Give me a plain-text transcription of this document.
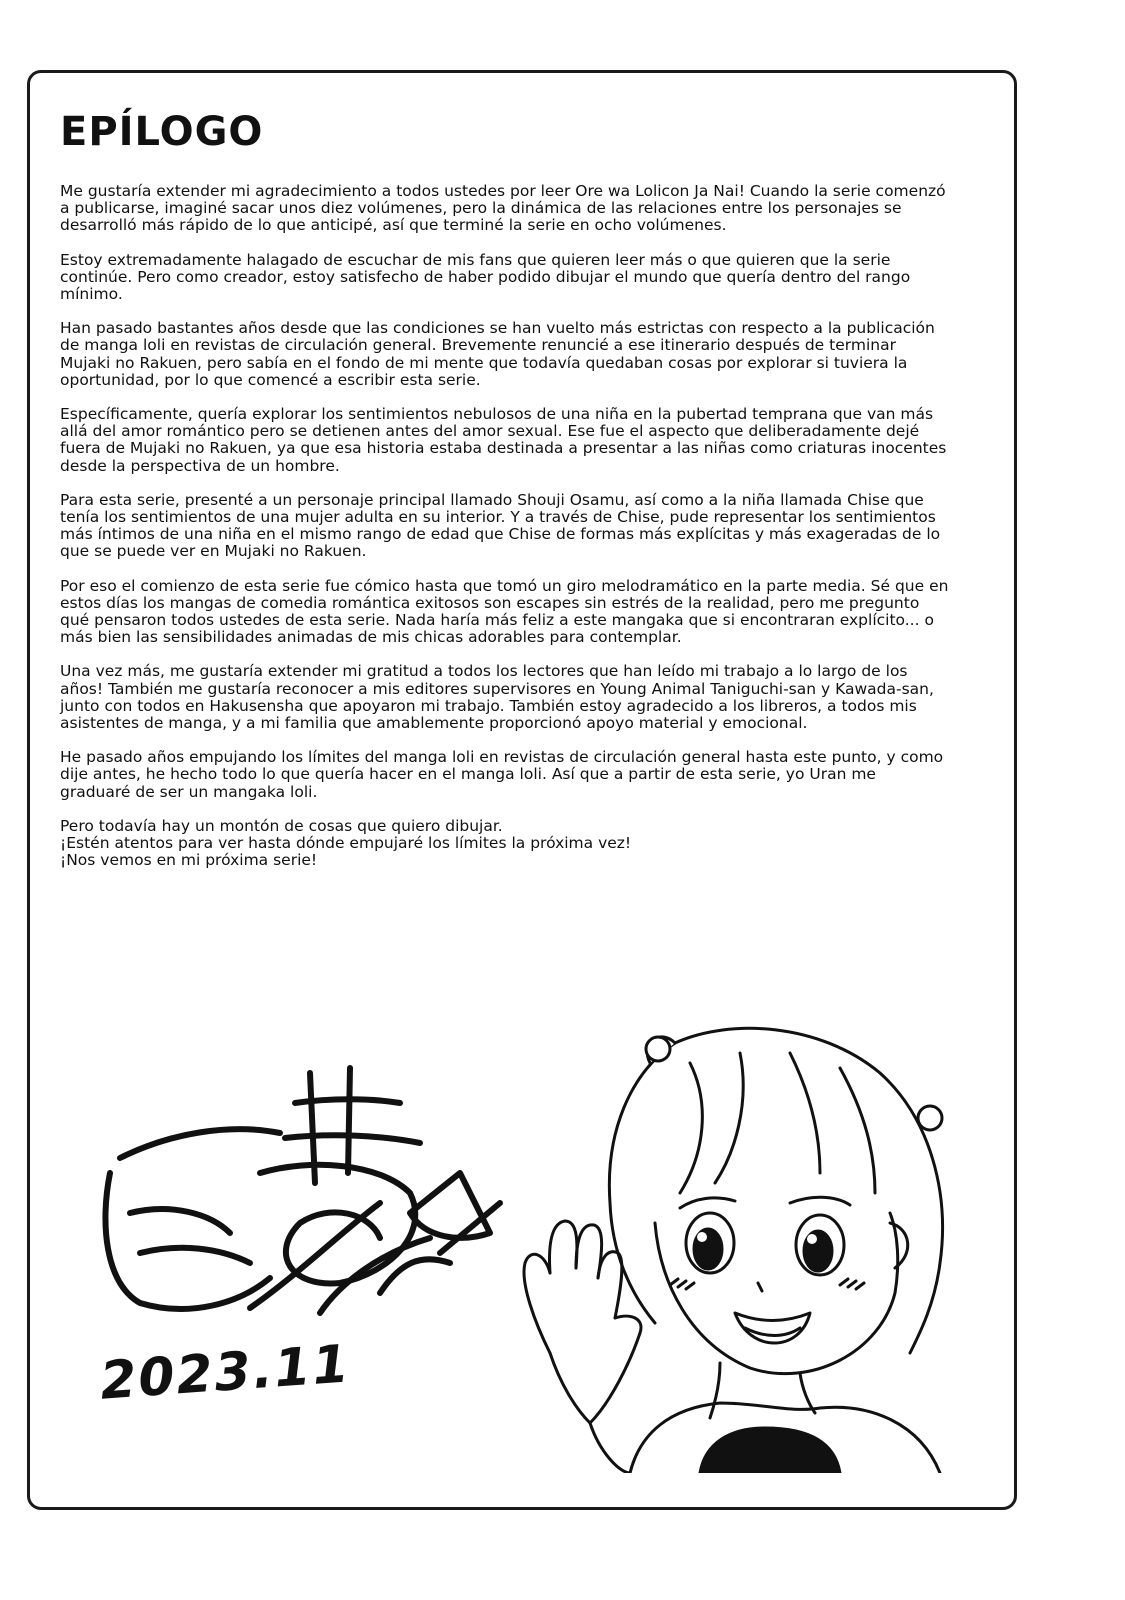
EPÍLOGO

Me gustaría extender mi agradecimiento a todos ustedes por leer Ore wa Lolicon Ja Nai! Cuando la serie comenzó a publicarse, imaginé sacar unos diez volúmenes, pero la dinámica de las relaciones entre los personajes se desarrolló más rápido de lo que anticipé, así que terminé la serie en ocho volúmenes.

Estoy extremadamente halagado de escuchar de mis fans que quieren leer más o que quieren que la serie continúe. Pero como creador, estoy satisfecho de haber podido dibujar el mundo que quería dentro del rango mínimo.

Han pasado bastantes años desde que las condiciones se han vuelto más estrictas con respecto a la publicación de manga loli en revistas de circulación general. Brevemente renuncié a ese itinerario después de terminar Mujaki no Rakuen, pero sabía en el fondo de mi mente que todavía quedaban cosas por explorar si tuviera la oportunidad, por lo que comencé a escribir esta serie.

Específicamente, quería explorar los sentimientos nebulosos de una niña en la pubertad temprana que van más allá del amor romántico pero se detienen antes del amor sexual. Ese fue el aspecto que deliberadamente dejé fuera de Mujaki no Rakuen, ya que esa historia estaba destinada a presentar a las niñas como criaturas inocentes desde la perspectiva de un hombre.

Para esta serie, presenté a un personaje principal llamado Shouji Osamu, así como a la niña llamada Chise que tenía los sentimientos de una mujer adulta en su interior. Y a través de Chise, pude representar los sentimientos más íntimos de una niña en el mismo rango de edad que Chise de formas más explícitas y más exageradas de lo que se puede ver en Mujaki no Rakuen.

Por eso el comienzo de esta serie fue cómico hasta que tomó un giro melodramático en la parte media. Sé que en estos días los mangas de comedia romántica exitosos son escapes sin estrés de la realidad, pero me pregunto qué pensaron todos ustedes de esta serie. Nada haría más feliz a este mangaka que si encontraran explícito... o más bien las sensibilidades animadas de mis chicas adorables para contemplar.

Una vez más, me gustaría extender mi gratitud a todos los lectores que han leído mi trabajo a lo largo de los años! También me gustaría reconocer a mis editores supervisores en Young Animal Taniguchi-san y Kawada-san, junto con todos en Hakusensha que apoyaron mi trabajo. También estoy agradecido a los libreros, a todos mis asistentes de manga, y a mi familia que amablemente proporcionó apoyo material y emocional.

He pasado años empujando los límites del manga loli en revistas de circulación general hasta este punto, y como dije antes, he hecho todo lo que quería hacer en el manga loli. Así que a partir de esta serie, yo Uran me graduaré de ser un mangaka loli.

Pero todavía hay un montón de cosas que quiero dibujar.

¡Estén atentos para ver hasta dónde empujaré los límites la próxima vez!

¡Nos vemos en mi próxima serie!

2023.11
